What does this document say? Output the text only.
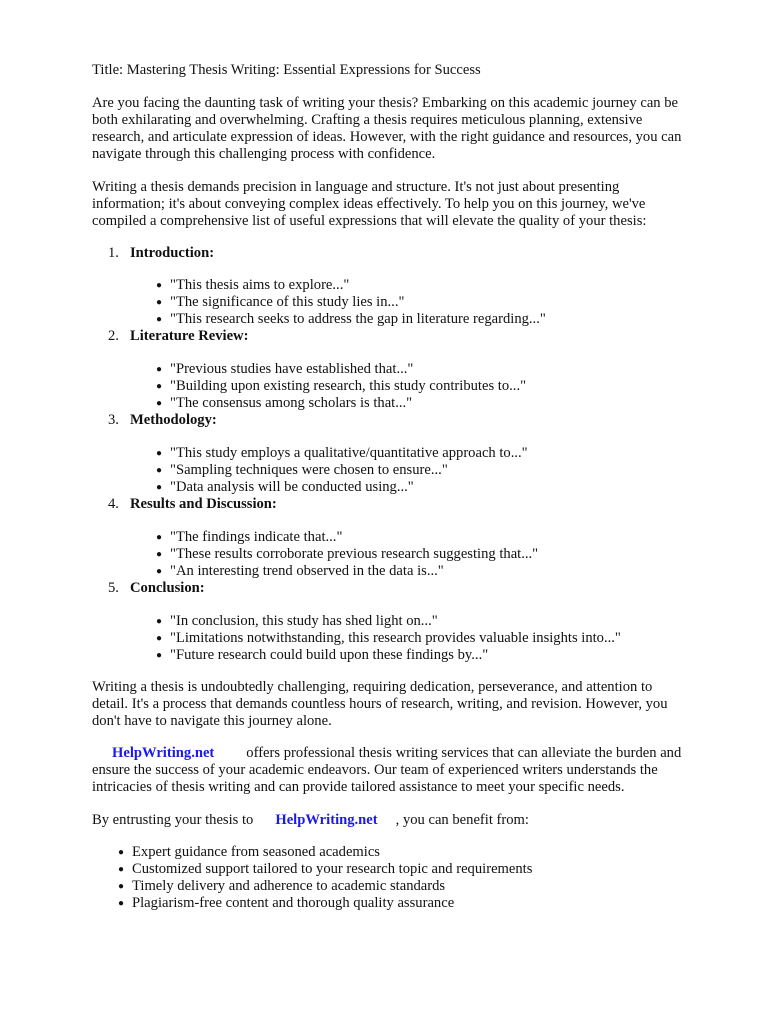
Title: Mastering Thesis Writing: Essential Expressions for Success
Are you facing the daunting task of writing your thesis? Embarking on this academic journey can be
both exhilarating and overwhelming. Crafting a thesis requires meticulous planning, extensive
research, and articulate expression of ideas. However, with the right guidance and resources, you can
navigate through this challenging process with confidence.
Writing a thesis demands precision in language and structure. It's not just about presenting
information; it's about conveying complex ideas effectively. To help you on this journey, we've
compiled a comprehensive list of useful expressions that will elevate the quality of your thesis:
1. Introduction:
● "This thesis aims to explore..."
● "The significance of this study lies in..."
● "This research seeks to address the gap in literature regarding..."
2. Literature Review:
● "Previous studies have established that..."
● "Building upon existing research, this study contributes to..."
● "The consensus among scholars is that..."
3. Methodology:
● "This study employs a qualitative/quantitative approach to..."
● "Sampling techniques were chosen to ensure..."
● "Data analysis will be conducted using..."
4. Results and Discussion:
● "The findings indicate that..."
● "These results corroborate previous research suggesting that..."
● "An interesting trend observed in the data is..."
5. Conclusion:
● "In conclusion, this study has shed light on..."
● "Limitations notwithstanding, this research provides valuable insights into..."
● "Future research could build upon these findings by..."
Writing a thesis is undoubtedly challenging, requiring dedication, perseverance, and attention to
detail. It's a process that demands countless hours of research, writing, and revision. However, you
don't have to navigate this journey alone.
HelpWriting.net offers professional thesis writing services that can alleviate the burden and
ensure the success of your academic endeavors. Our team of experienced writers understands the
intricacies of thesis writing and can provide tailored assistance to meet your specific needs.
By entrusting your thesis to HelpWriting.net , you can benefit from:
● Expert guidance from seasoned academics
● Customized support tailored to your research topic and requirements
● Timely delivery and adherence to academic standards
● Plagiarism-free content and thorough quality assurance
